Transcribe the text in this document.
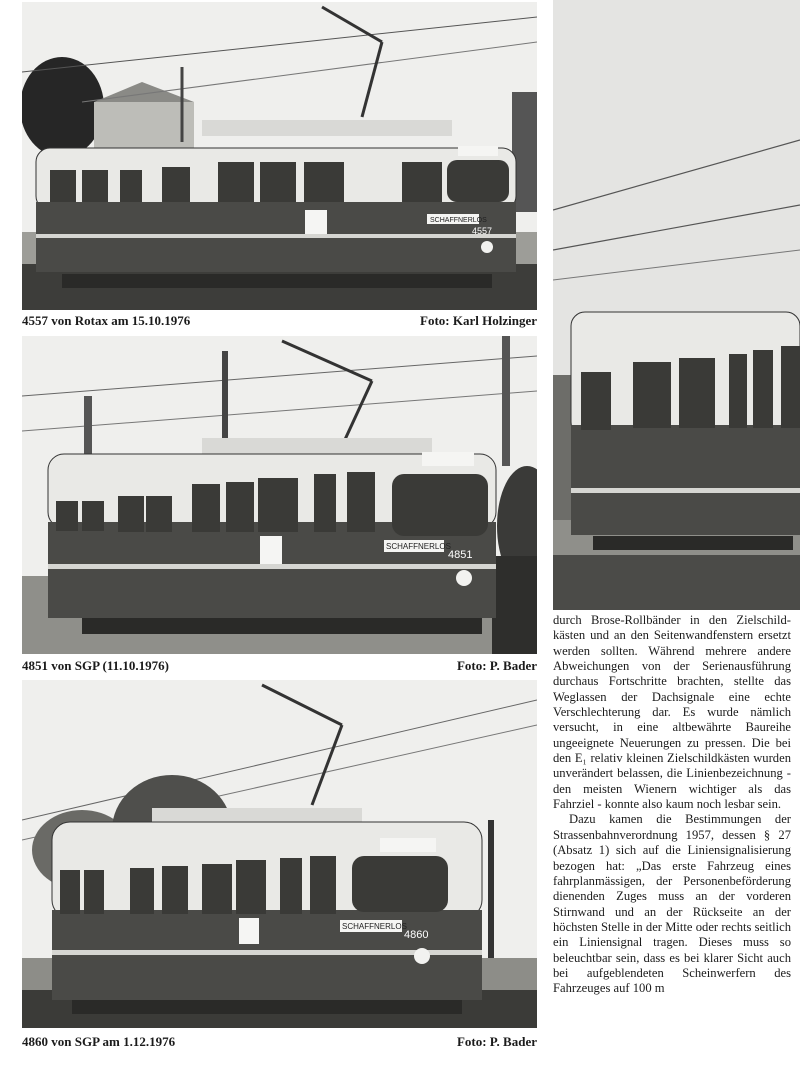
SCHAFFNERLOS
4557
4557 von Rotax am 15.10.1976	Foto: Karl Holzinger
SCHAFFNERLOS
4851
4851 von SGP (11.10.1976)	Foto: P. Bader
SCHAFFNERLOS
4860
4860 von SGP am 1.12.1976	Foto: P. Bader

durch Brose-Rollbänder in den Zielschildkästen und an den Seitenwandfenstern ersetzt werden sollten. Während mehrere andere Abweichungen von der Serienausführung durchaus Fortschritte brachten, stellte das Weglassen der Dachsignale eine echte Verschlechterung dar. Es wurde nämlich versucht, in eine altbewährte Baureihe ungeeignete Neuerungen zu pressen. Die bei den E₁ relativ kleinen Zielschildkästen wurden unverändert belassen, die Linienbezeichnung - den meisten Wienern wichtiger als das Fahrziel - konnte also kaum noch lesbar sein.

Dazu kamen die Bestimmungen der Strassenbahnverordnung 1957, dessen § 27 (Absatz 1) sich auf die Liniensignalisierung bezogen hat: „Das erste Fahrzeug eines fahrplanmässigen, der Personenbeförderung dienenden Zuges muss an der vorderen Stirnwand und an der Rückseite an der höchsten Stelle in der Mitte oder rechts seitlich ein Liniensignal tragen. Dieses muss so beleuchtbar sein, dass es bei klarer Sicht auch bei aufgeblendeten Scheinwerfern des Fahrzeuges auf 100 m
